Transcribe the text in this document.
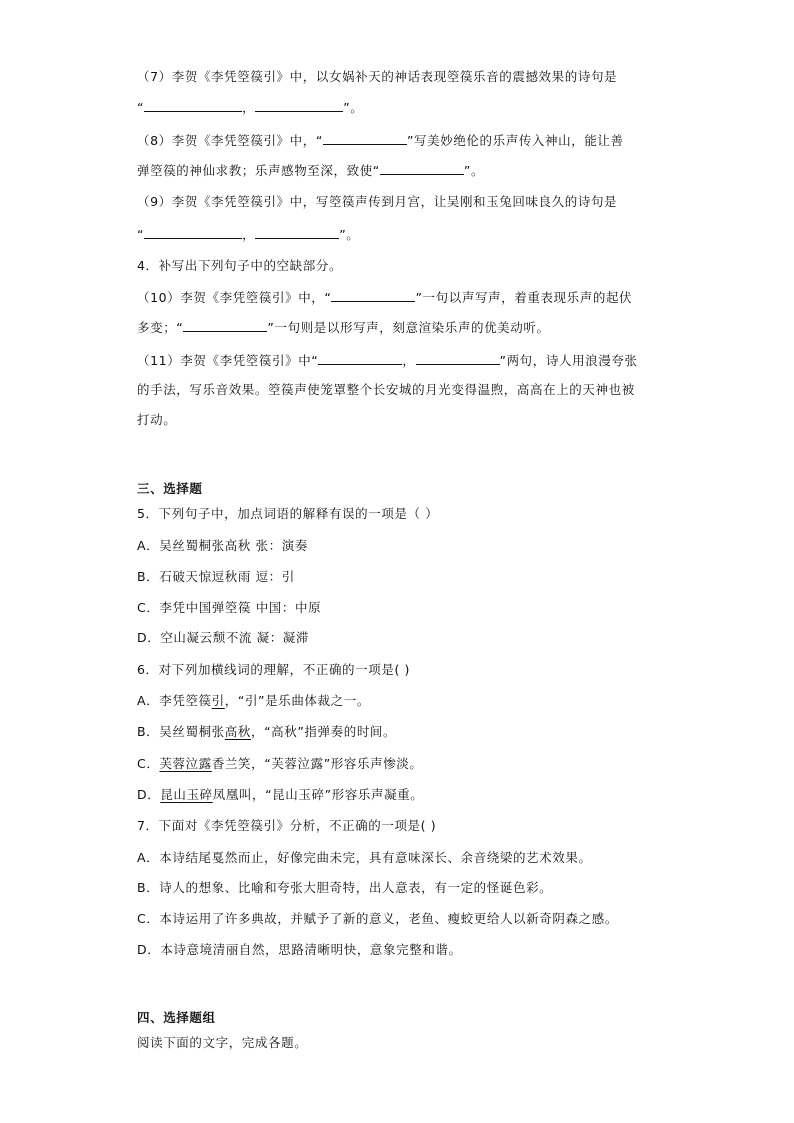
（7）李贺《李凭箜篌引》中，以女娲补天的神话表现箜篌乐音的震撼效果的诗句是
“	，	”。
（8）李贺《李凭箜篌引》中，“	”写美妙绝伦的乐声传入神山，能让善
弹箜篌的神仙求教；乐声感物至深，致使“	”。
（9）李贺《李凭箜篌引》中，写箜篌声传到月宫，让吴刚和玉兔回味良久的诗句是
“	，	”。
4．补写出下列句子中的空缺部分。
（10）李贺《李凭箜篌引》中，“	”一句以声写声，着重表现乐声的起伏
多变；“	”一句则是以形写声，刻意渲染乐声的优美动听。
（11）李贺《李凭箜篌引》中“	，	”两句，诗人用浪漫夸张
的手法，写乐音效果。箜篌声使笼罩整个长安城的月光变得温煦，高高在上的天神也被
打动。
三、选择题
5．下列句子中，加点词语的解释有误的一项是（ ）
A．吴丝蜀桐张高秋 张：演奏
B．石破天惊逗秋雨 逗：引
C．李凭中国弹箜篌 中国：中原
D．空山凝云颓不流 凝：凝滞
6．对下列加横线词的理解，不正确的一项是( )
A．李凭箜篌引，“引”是乐曲体裁之一。
B．吴丝蜀桐张高秋，“高秋”指弹奏的时间。
C．芙蓉泣露香兰笑，“芙蓉泣露”形容乐声惨淡。
D．昆山玉碎凤凰叫，“昆山玉碎”形容乐声凝重。
7．下面对《李凭箜篌引》分析，不正确的一项是( )
A．本诗结尾戛然而止，好像完曲未完，具有意味深长、余音绕梁的艺术效果。
B．诗人的想象、比喻和夸张大胆奇特，出人意表，有一定的怪诞色彩。
C．本诗运用了许多典故，并赋予了新的意义，老鱼、瘦蛟更给人以新奇阴森之感。
D．本诗意境清丽自然，思路清晰明快，意象完整和谐。
四、选择题组
阅读下面的文字，完成各题。
